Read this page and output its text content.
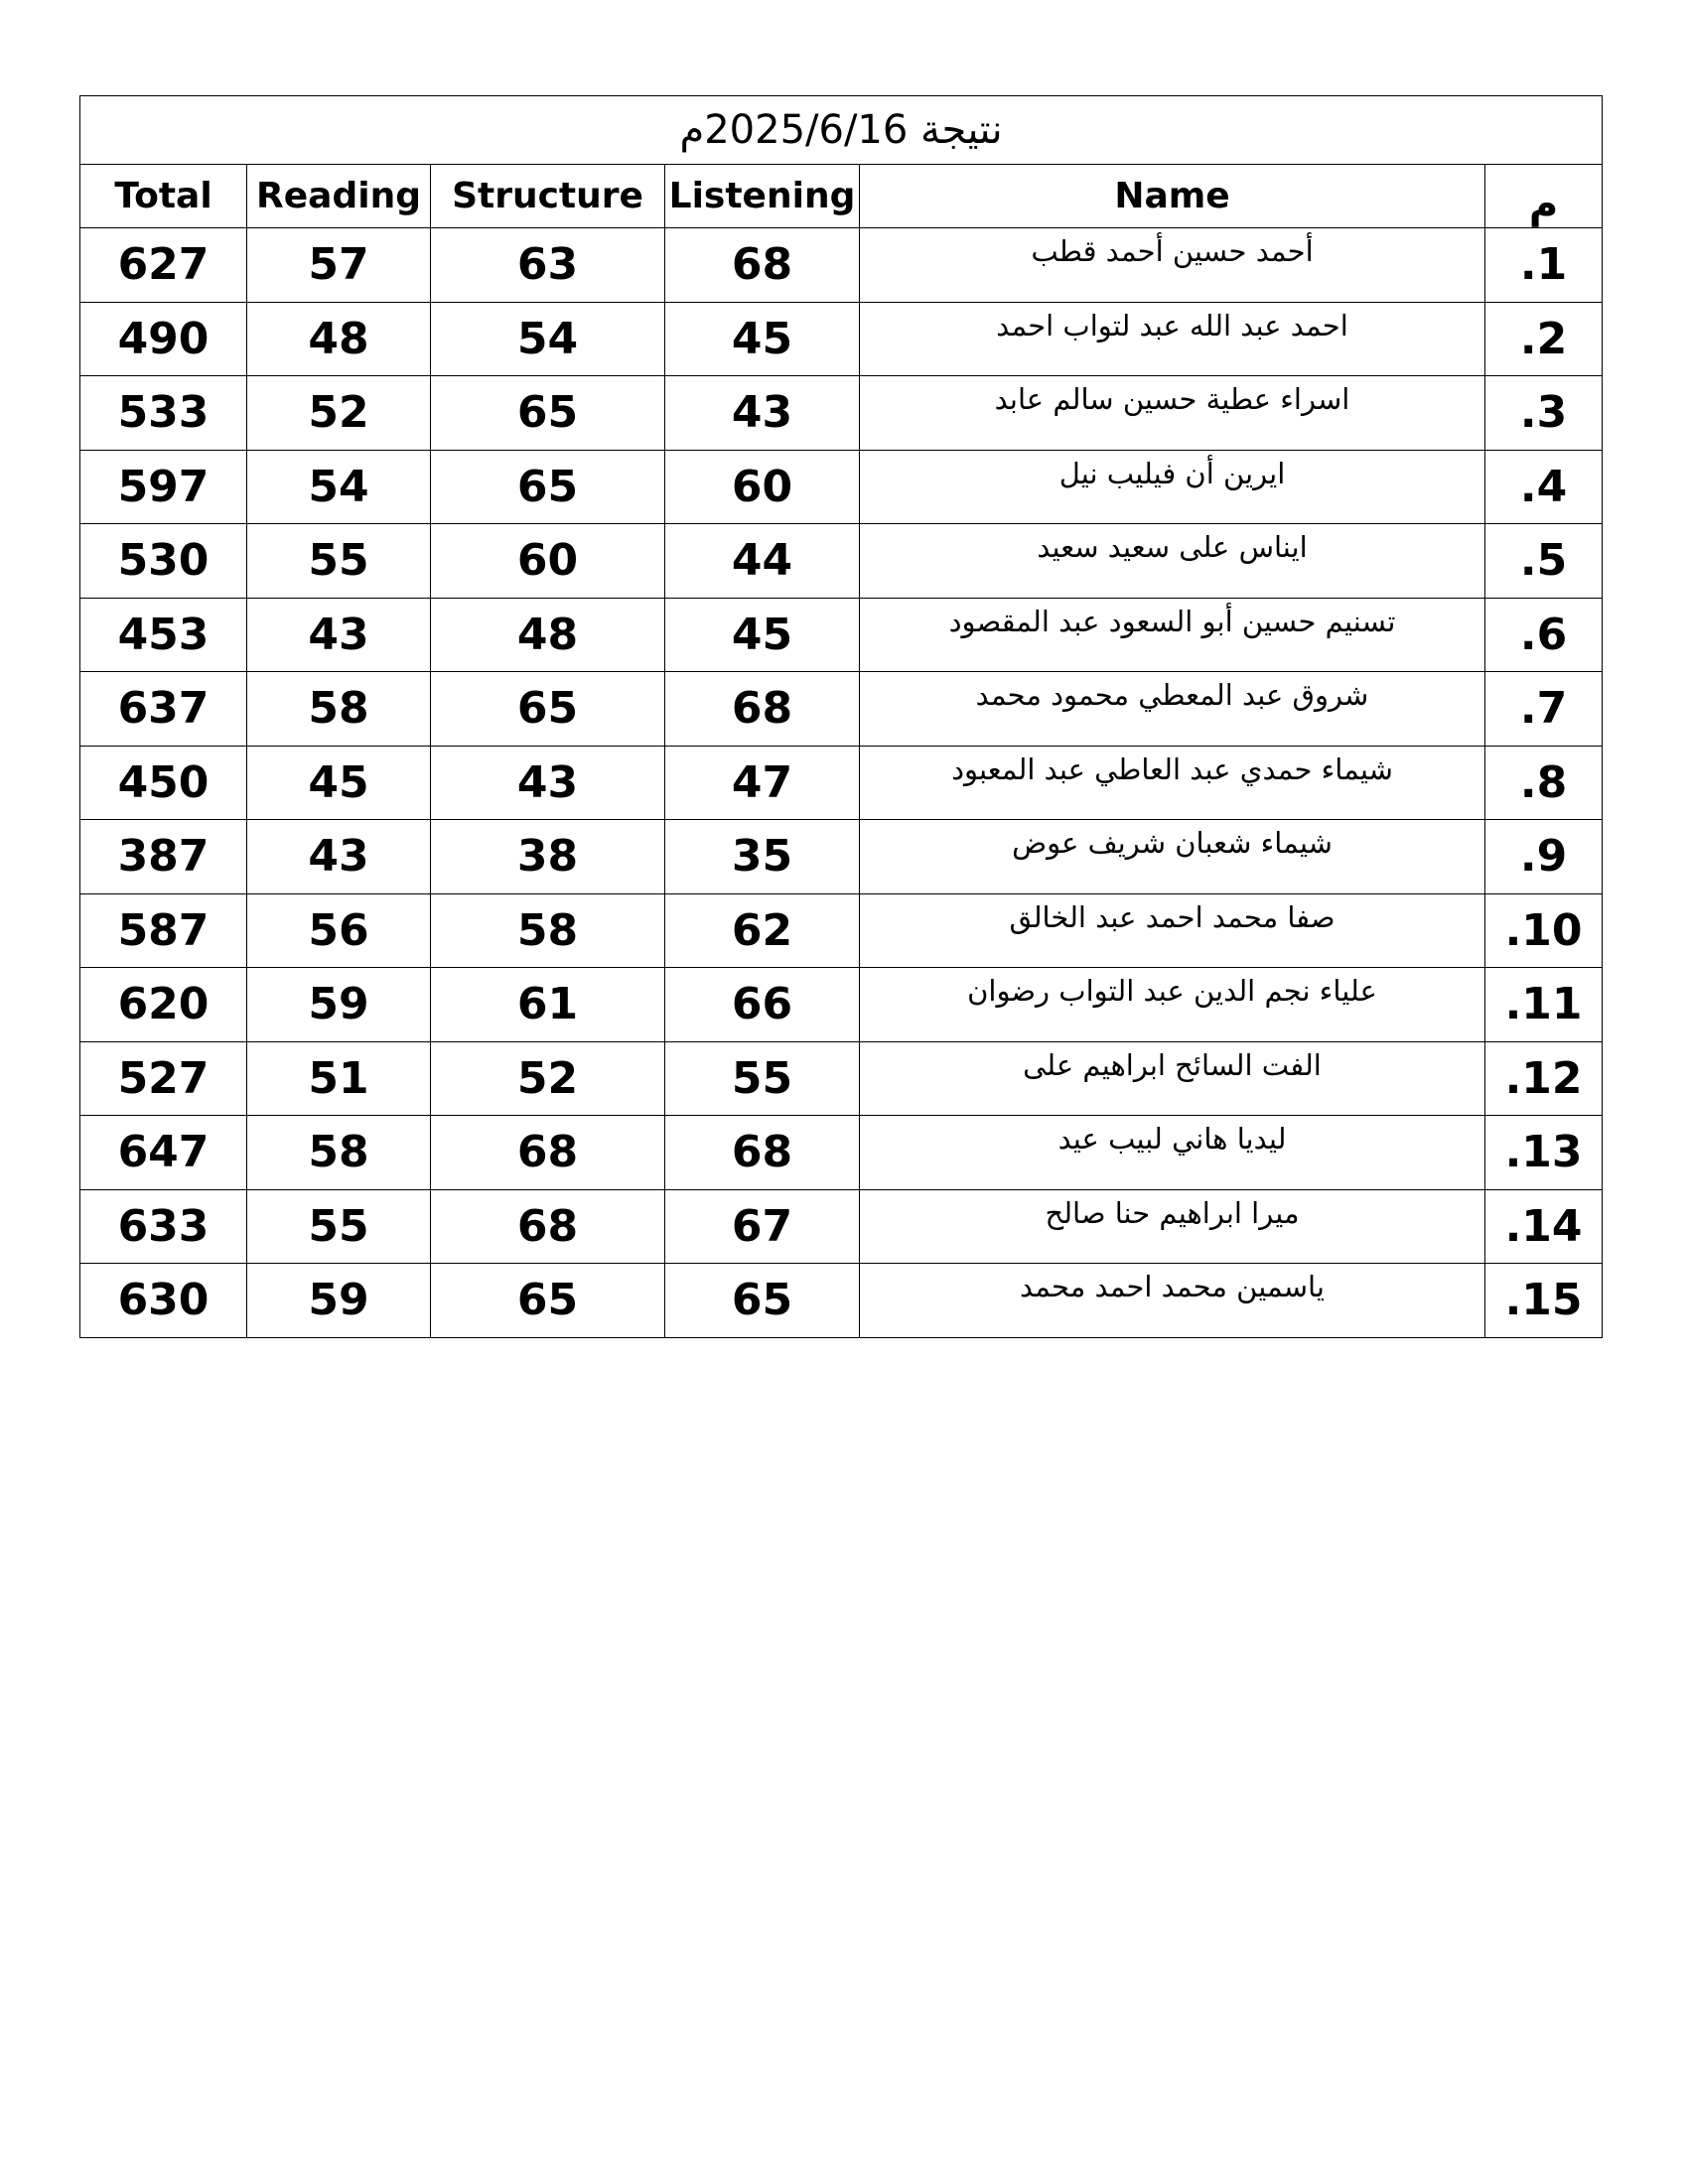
نتيجة 2025/6/16م					
Total	Reading	Structure	Listening	Name	م
627	57	63	68	أحمد حسين أحمد قطب	.1
490	48	54	45	احمد عبد الله عبد لتواب احمد	.2
533	52	65	43	اسراء عطية حسين سالم عابد	.3
597	54	65	60	ايرين أن فيليب نيل	.4
530	55	60	44	ايناس على سعيد سعيد	.5
453	43	48	45	تسنيم حسين أبو السعود عبد المقصود	.6
637	58	65	68	شروق عبد المعطي محمود محمد	.7
450	45	43	47	شيماء حمدي عبد العاطي عبد المعبود	.8
387	43	38	35	شيماء شعبان شريف عوض	.9
587	56	58	62	صفا محمد احمد عبد الخالق	.10
620	59	61	66	علياء نجم الدين عبد التواب رضوان	.11
527	51	52	55	الفت السائح ابراهيم على	.12
647	58	68	68	ليديا هاني لبيب عيد	.13
633	55	68	67	ميرا ابراهيم حنا صالح	.14
630	59	65	65	ياسمين محمد احمد محمد	.15
